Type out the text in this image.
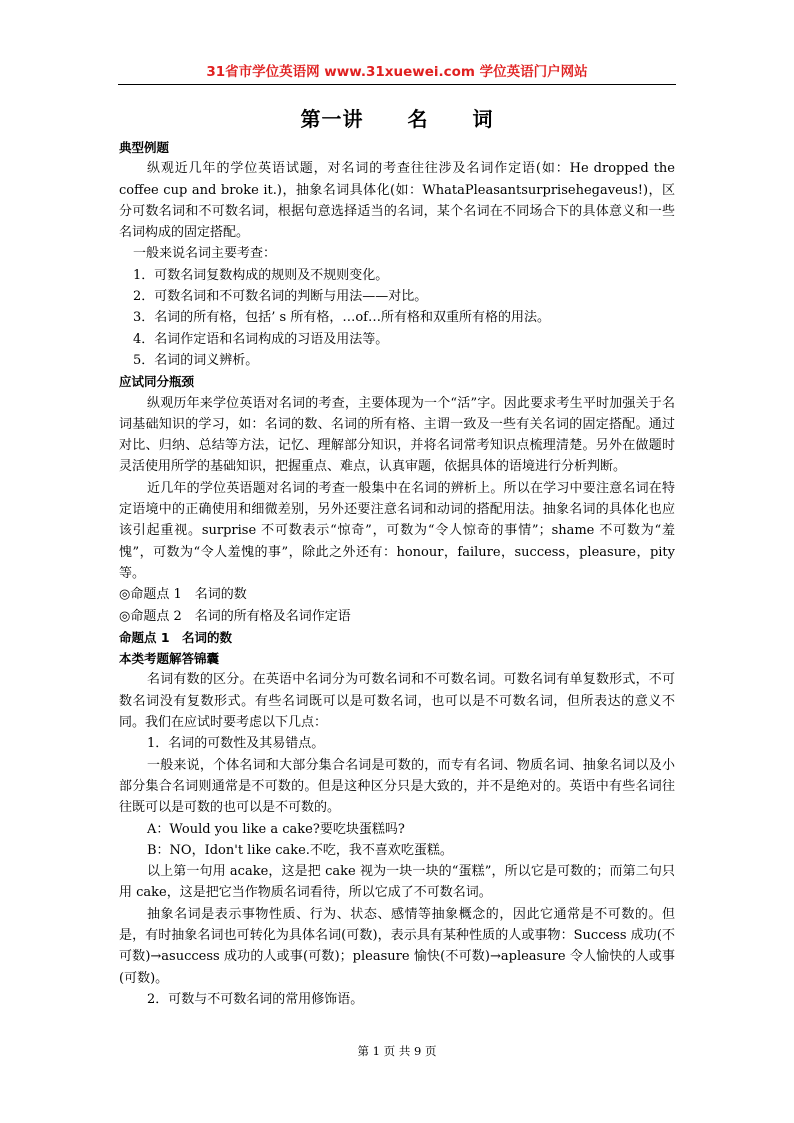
31省市学位英语网 www.31xuewei.com 学位英语门户网站
第一讲 名 词

典型例题

纵观近几年的学位英语试题，对名词的考查往往涉及名词作定语(如：He dropped the coffee cup and broke it.)，抽象名词具体化(如：WhataPleasantsurprisehegaveus!)，区分可数名词和不可数名词，根据句意选择适当的名词，某个名词在不同场合下的具体意义和一些名词构成的固定搭配。

一般来说名词主要考查：

1．可数名词复数构成的规则及不规则变化。

2．可数名词和不可数名词的判断与用法——对比。

3．名词的所有格，包括’ s 所有格，…of…所有格和双重所有格的用法。

4．名词作定语和名词构成的习语及用法等。

5．名词的词义辨析。

应试同分瓶颈

纵观历年来学位英语对名词的考查，主要体现为一个“活”字。因此要求考生平时加强关于名词基础知识的学习，如：名词的数、名词的所有格、主谓一致及一些有关名词的固定搭配。通过对比、归纳、总结等方法，记忆、理解部分知识，并将名词常考知识点梳理清楚。另外在做题时灵活使用所学的基础知识，把握重点、难点，认真审题，依据具体的语境进行分析判断。

近几年的学位英语题对名词的考查一般集中在名词的辨析上。所以在学习中要注意名词在特定语境中的正确使用和细微差别，另外还要注意名词和动词的搭配用法。抽象名词的具体化也应该引起重视。surprise 不可数表示“惊奇”，可数为“令人惊奇的事情”；shame 不可数为“羞愧”，可数为“令人羞愧的事”，除此之外还有：honour，failure，success，pleasure，pity 等。

◎命题点 1　名词的数

◎命题点 2　名词的所有格及名词作定语

命题点 1　名词的数

本类考题解答锦囊

名词有数的区分。在英语中名词分为可数名词和不可数名词。可数名词有单复数形式，不可数名词没有复数形式。有些名词既可以是可数名词，也可以是不可数名词，但所表达的意义不同。我们在应试时要考虑以下几点：

1．名词的可数性及其易错点。

一般来说，个体名词和大部分集合名词是可数的，而专有名词、物质名词、抽象名词以及小部分集合名词则通常是不可数的。但是这种区分只是大致的，并不是绝对的。英语中有些名词往往既可以是可数的也可以是不可数的。

A：Would you like a cake?要吃块蛋糕吗?

B：NO，Idon't like cake.不吃，我不喜欢吃蛋糕。

以上第一句用 acake，这是把 cake 视为一块一块的“蛋糕”，所以它是可数的；而第二句只用 cake，这是把它当作物质名词看待，所以它成了不可数名词。

抽象名词是表示事物性质、行为、状态、感情等抽象概念的，因此它通常是不可数的。但是，有时抽象名词也可转化为具体名词(可数)，表示具有某种性质的人或事物：Success 成功(不可数)→asuccess 成功的人或事(可数)；pleasure 愉快(不可数)→apleasure 令人愉快的人或事 (可数)。

2．可数与不可数名词的常用修饰语。

第 1 页 共 9 页
